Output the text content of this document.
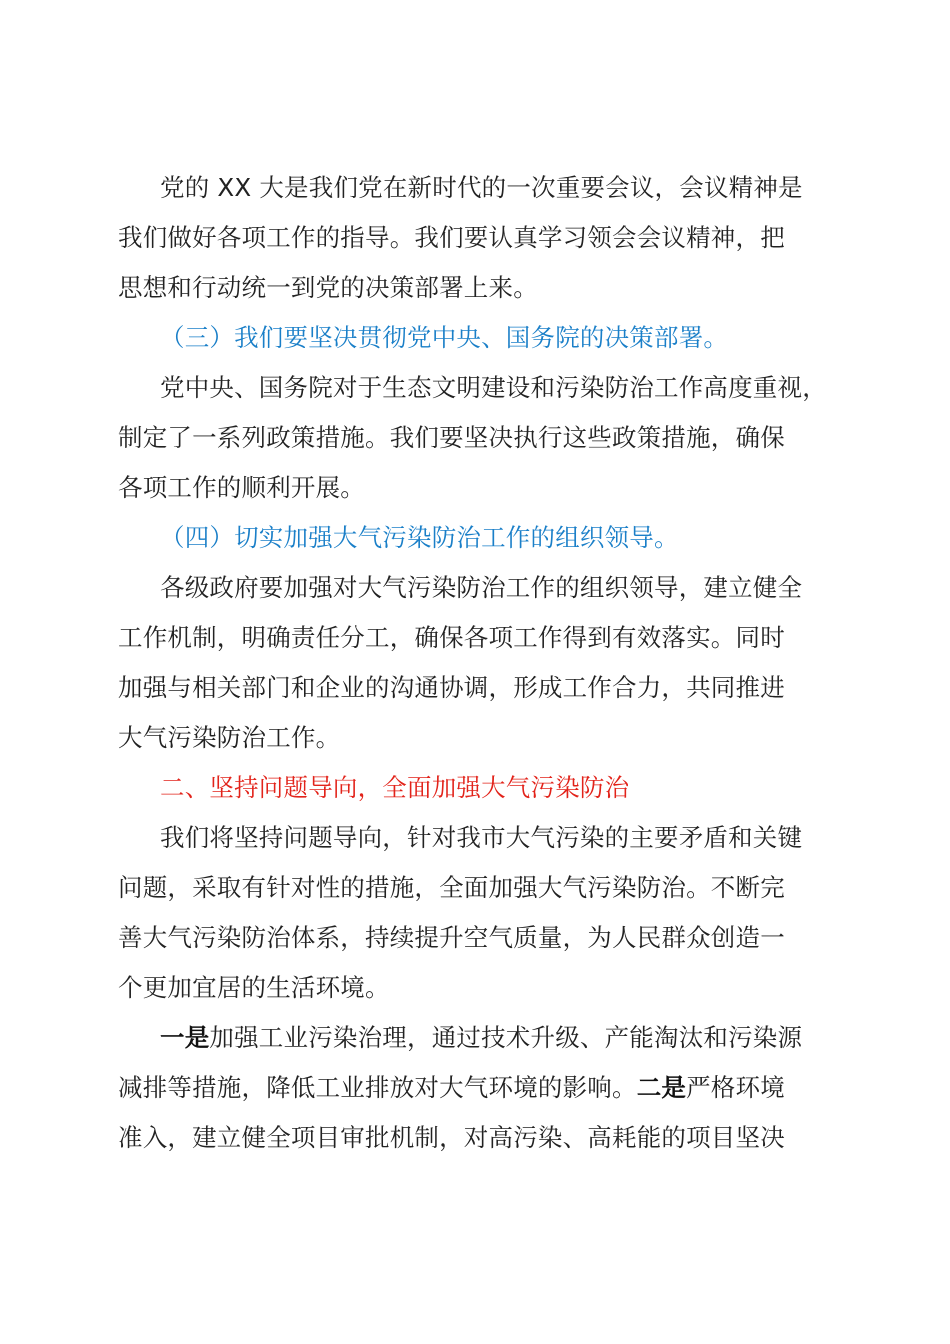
党的 XX 大是我们党在新时代的一次重要会议，会议精神是
我们做好各项工作的指导。我们要认真学习领会会议精神，把
思想和行动统一到党的决策部署上来。
（三）我们要坚决贯彻党中央、国务院的决策部署。
党中央、国务院对于生态文明建设和污染防治工作高度重视，
制定了一系列政策措施。我们要坚决执行这些政策措施，确保
各项工作的顺利开展。
（四）切实加强大气污染防治工作的组织领导。
各级政府要加强对大气污染防治工作的组织领导，建立健全
工作机制，明确责任分工，确保各项工作得到有效落实。同时
加强与相关部门和企业的沟通协调，形成工作合力，共同推进
大气污染防治工作。
二、坚持问题导向，全面加强大气污染防治
我们将坚持问题导向，针对我市大气污染的主要矛盾和关键
问题，采取有针对性的措施，全面加强大气污染防治。不断完
善大气污染防治体系，持续提升空气质量，为人民群众创造一
个更加宜居的生活环境。
一是加强工业污染治理，通过技术升级、产能淘汰和污染源
减排等措施，降低工业排放对大气环境的影响。二是严格环境
准入，建立健全项目审批机制，对高污染、高耗能的项目坚决
